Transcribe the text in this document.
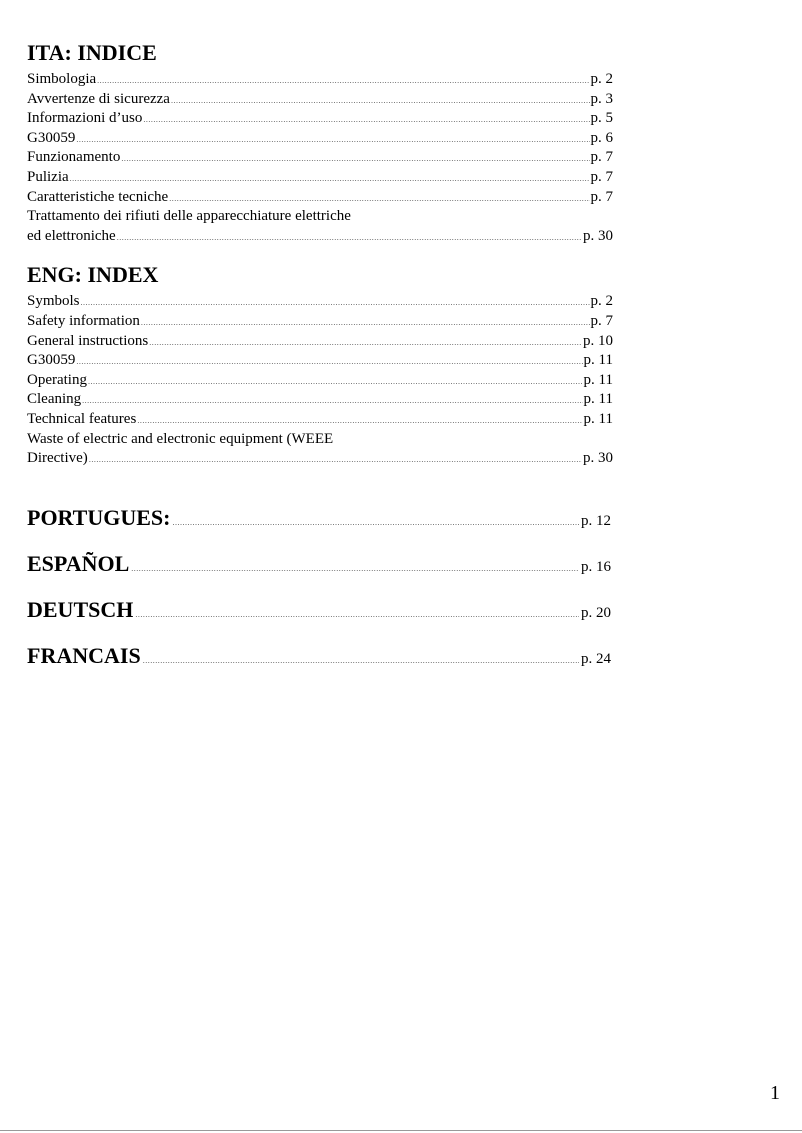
ITA: INDICE
Simbologia .....	p. 2
Avvertenze di sicurezza .....	p. 3
Informazioni d’uso .....	p. 5
G30059 .....	p. 6
Funzionamento .....	p. 7
Pulizia .....	p. 7
Caratteristiche tecniche .....	p. 7
Trattamento dei rifiuti delle apparecchiature elettriche
ed elettroniche .....	p. 30
ENG: INDEX
Symbols .....	p. 2
Safety information .....	p. 7
General instructions .....	p. 10
G30059 .....	p. 11
Operating .....	p. 11
Cleaning .....	p. 11
Technical features .....	p. 11
Waste of electric and electronic equipment (WEEE
Directive) .....	p. 30
PORTUGUES: .....	p. 12
ESPAÑOL .....	p. 16
DEUTSCH .....	p. 20
FRANCAIS .....	p. 24
1
